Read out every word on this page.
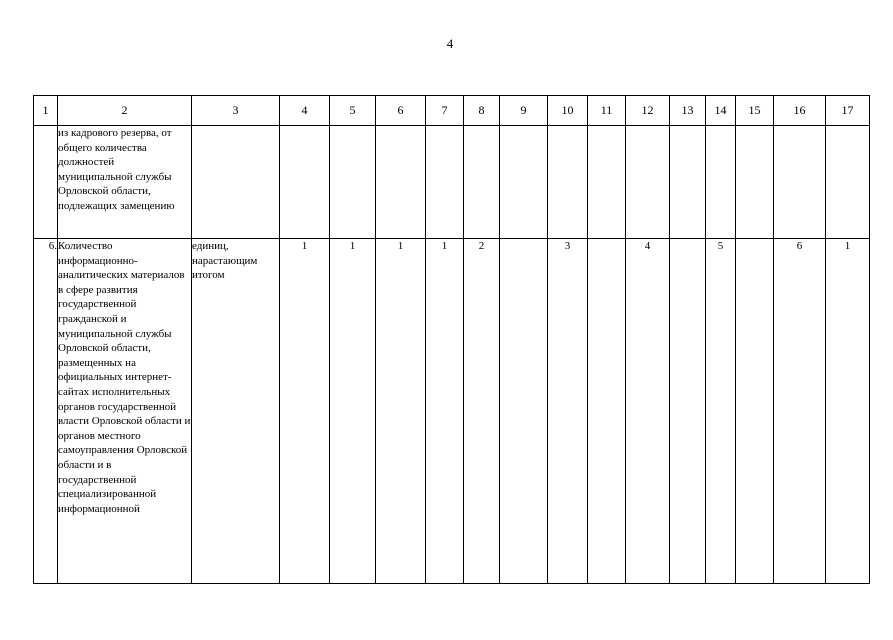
4
1	2	3	4	5	6	7	8	9	10	11	12	13	14	15	16	17
	из кадрового резерва, от общего количества должностей муниципальной службы Орловской области, подлежащих замещению															
6.	Количество информационно-аналитических материалов в сфере развития государственной гражданской и муниципальной службы Орловской области, размещенных на официальных интернет-сайтах исполнительных органов государственной власти Орловской области и органов местного самоуправления Орловской области и в государственной специализированной информационной	единиц, нарастающим итогом	1	1	1	1	2		3		4		5		6	1
